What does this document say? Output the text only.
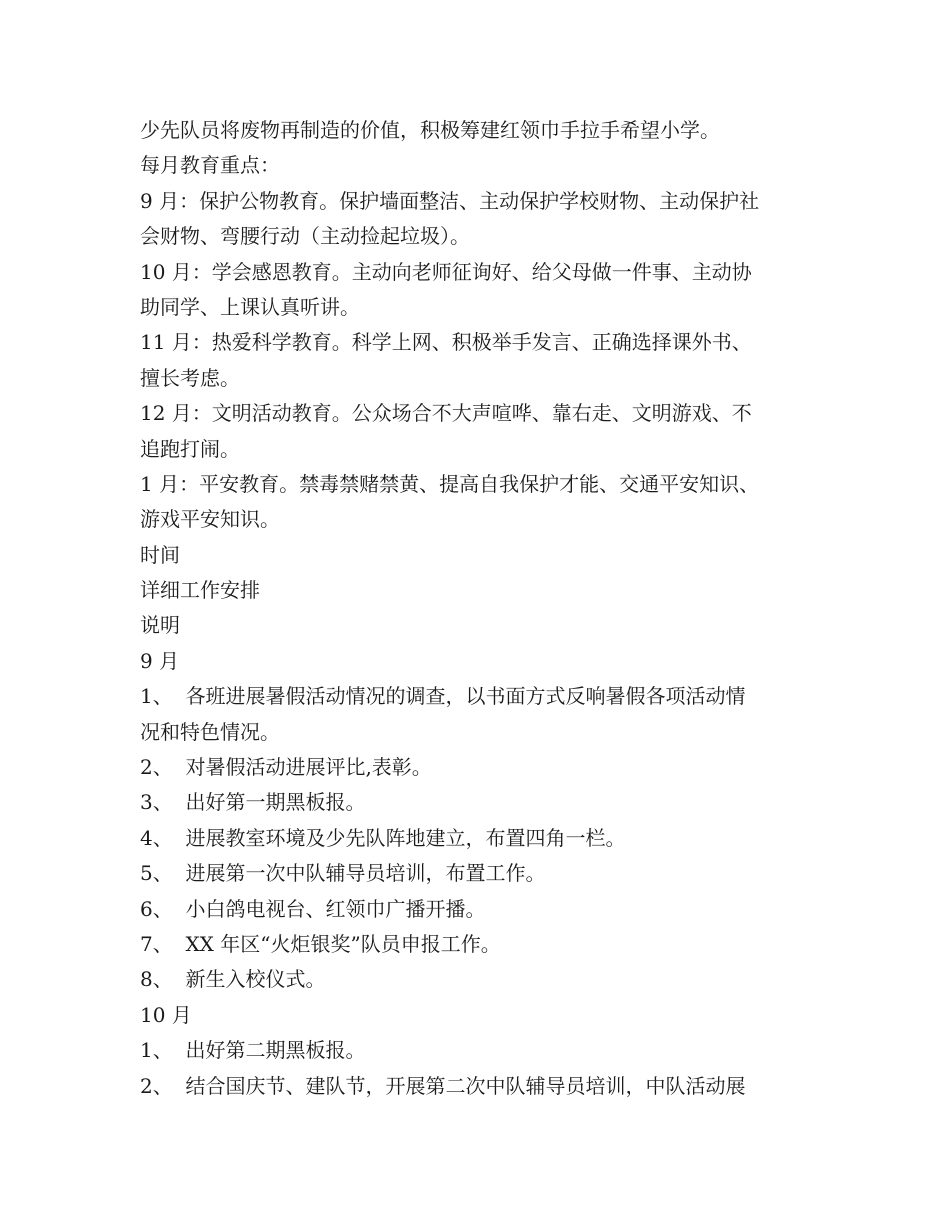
少先队员将废物再制造的价值，积极筹建红领巾手拉手希望小学。
每月教育重点：
9 月：保护公物教育。保护墙面整洁、主动保护学校财物、主动保护社
会财物、弯腰行动（主动捡起垃圾）。
10 月：学会感恩教育。主动向老师征询好、给父母做一件事、主动协
助同学、上课认真听讲。
11 月：热爱科学教育。科学上网、积极举手发言、正确选择课外书、
擅长考虑。
12 月：文明活动教育。公众场合不大声喧哗、靠右走、文明游戏、不
追跑打闹。
1 月：平安教育。禁毒禁赌禁黄、提高自我保护才能、交通平安知识、
游戏平安知识。
时间
详细工作安排
说明
9 月
1、  各班进展暑假活动情况的调查，以书面方式反响暑假各项活动情
况和特色情况。
2、  对暑假活动进展评比,表彰。
3、  出好第一期黑板报。
4、  进展教室环境及少先队阵地建立，布置四角一栏。
5、  进展第一次中队辅导员培训，布置工作。
6、  小白鸽电视台、红领巾广播开播。
7、  XX 年区“火炬银奖”队员申报工作。
8、  新生入校仪式。
10 月
1、  出好第二期黑板报。
2、  结合国庆节、建队节，开展第二次中队辅导员培训，中队活动展
